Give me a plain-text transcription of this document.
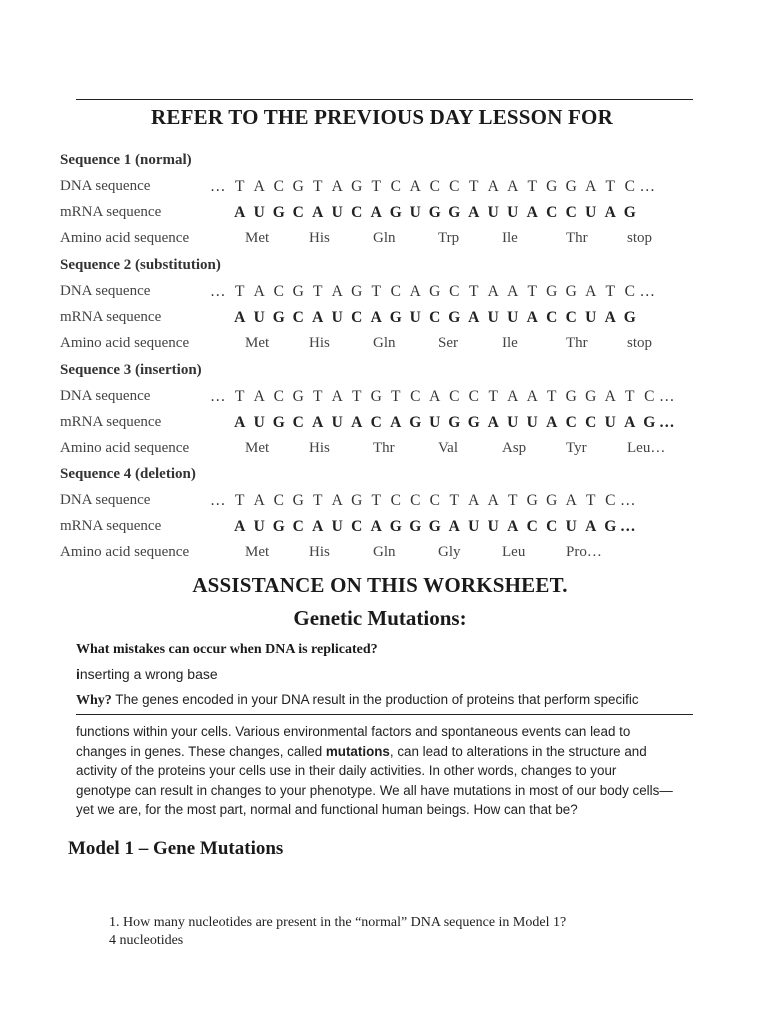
REFER TO THE PREVIOUS DAY LESSON FOR
Sequence 1 (normal)
DNA sequence	… T A C G T A G T C A C C T A A T G G A T C …
mRNA sequence	A U G C A U C A G U G G A U U A C C U A G
Amino acid sequence	Met	His	Gln	Trp	Ile	Thr	stop
Sequence 2 (substitution)
DNA sequence	… T A C G T A G T C A G C T A A T G G A T C …
mRNA sequence	A U G C A U C A G U C G A U U A C C U A G
Amino acid sequence	Met	His	Gln	Ser	Ile	Thr	stop
Sequence 3 (insertion)
DNA sequence	… T A C G T A T G T C A C C T A A T G G A T C …
mRNA sequence	A U G C A U A C A G U G G A U U A C C U A G …
Amino acid sequence	Met	His	Thr	Val	Asp	Tyr	Leu…
Sequence 4 (deletion)
DNA sequence	… T A C G T A G T C C C T A A T G G A T C …
mRNA sequence	A U G C A U C A G G G A U U A C C U A G …
Amino acid sequence	Met	His	Gln	Gly	Leu	Pro…
ASSISTANCE ON THIS WORKSHEET.
Genetic Mutations:
What mistakes can occur when DNA is replicated?
inserting a wrong base
Why? The genes encoded in your DNA result in the production of proteins that perform specific
functions within your cells. Various environmental factors and spontaneous events can lead to
changes in genes. These changes, called mutations, can lead to alterations in the structure and
activity of the proteins your cells use in their daily activities. In other words, changes to your
genotype can result in changes to your phenotype. We all have mutations in most of our body cells—
yet we are, for the most part, normal and functional human beings. How can that be?
Model 1 – Gene Mutations
1. How many nucleotides are present in the “normal” DNA sequence in Model 1?
4 nucleotides
